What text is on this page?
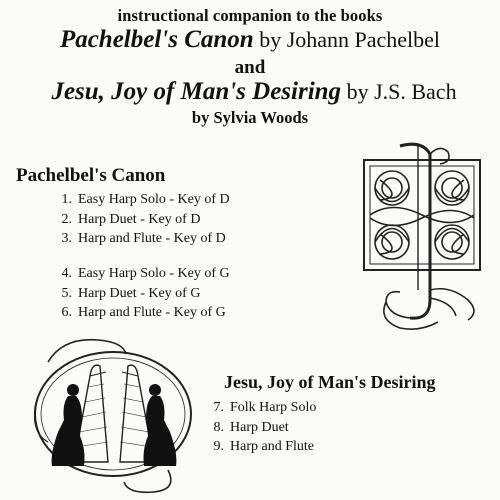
instructional companion to the books
Pachelbel's Canon by Johann Pachelbel
and
Jesu, Joy of Man's Desiring by J.S. Bach
by Sylvia Woods
Pachelbel's Canon
1. Easy Harp Solo - Key of D
2. Harp Duet - Key of D
3. Harp and Flute - Key of D
4. Easy Harp Solo - Key of G
5. Harp Duet - Key of G
6. Harp and Flute - Key of G
Jesu, Joy of Man's Desiring
7. Folk Harp Solo
8. Harp Duet
9. Harp and Flute
